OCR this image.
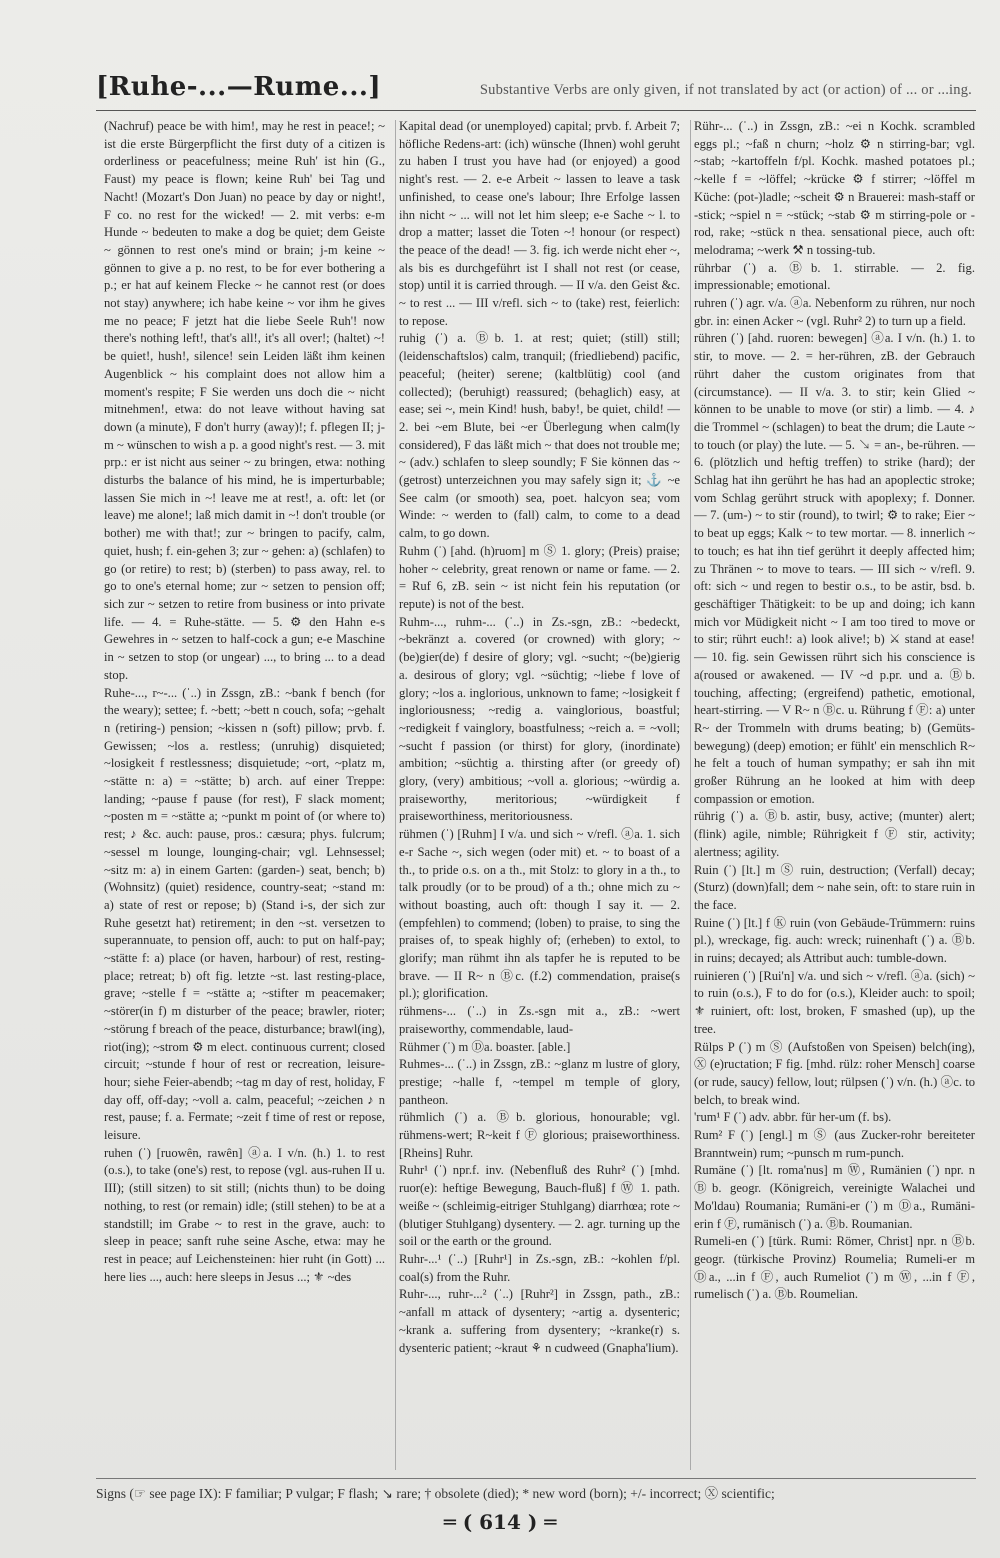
[Ruhe-...—Rume...]	Substantive Verbs are only given, if not translated by act (or action) of ... or ...ing.

(Nachruf) peace be with him!, may he rest in peace!; ~ ist die erste Bürgerpflicht the first duty of a citizen is orderliness or peacefulness; meine Ruh' ist hin (G., Faust) my peace is flown; keine Ruh' bei Tag und Nacht! (Mozart's Don Juan) no peace by day or night!, F co. no rest for the wicked! — 2. mit verbs: e-m Hunde ~ bedeuten to make a dog be quiet; dem Geiste ~ gönnen to rest one's mind or brain; j-m keine ~ gönnen to give a p. no rest, to be for ever bothering a p.; er hat auf keinem Flecke ~ he cannot rest (or does not stay) anywhere; ich habe keine ~ vor ihm he gives me no peace; F jetzt hat die liebe Seele Ruh'! now there's nothing left!, that's all!, it's all over!; (haltet) ~! be quiet!, hush!, silence! sein Leiden läßt ihm keinen Augenblick ~ his complaint does not allow him a moment's respite; F Sie werden uns doch die ~ nicht mitnehmen!, etwa: do not leave without having sat down (a minute), F don't hurry (away)!; f. pflegen II; j-m ~ wünschen to wish a p. a good night's rest. — 3. mit prp.: er ist nicht aus seiner ~ zu bringen, etwa: nothing disturbs the balance of his mind, he is imperturbable; lassen Sie mich in ~! leave me at rest!, a. oft: let (or leave) me alone!; laß mich damit in ~! don't trouble (or bother) me with that!; zur ~ bringen to pacify, calm, quiet, hush; f. ein-gehen 3; zur ~ gehen: a) (schlafen) to go (or retire) to rest; b) (sterben) to pass away, rel. to go to one's eternal home; zur ~ setzen to pension off; sich zur ~ setzen to retire from business or into private life. — 4. = Ruhe-stätte. — 5. ⚙ den Hahn e-s Gewehres in ~ setzen to half-cock a gun; e-e Maschine in ~ setzen to stop (or ungear) ..., to bring ... to a dead stop.

Ruhe-..., r~-... (ˈ..) in Zssgn, zB.: ~bank f bench (for the weary); settee; f. ~bett; ~bett n couch, sofa; ~gehalt n (retiring-) pension; ~kissen n (soft) pillow; prvb. f. Gewissen; ~los a. restless; (unruhig) disquieted; ~losigkeit f restlessness; disquietude; ~ort, ~platz m, ~stätte n: a) = ~stätte; b) arch. auf einer Treppe: landing; ~pause f pause (for rest), F slack moment; ~posten m = ~stätte a; ~punkt m point of (or where to) rest; ♪ &c. auch: pause, pros.: cæsura; phys. fulcrum; ~sessel m lounge, lounging-chair; vgl. Lehnsessel; ~sitz m: a) in einem Garten: (garden-) seat, bench; b) (Wohnsitz) (quiet) residence, country-seat; ~stand m: a) state of rest or repose; b) (Stand i-s, der sich zur Ruhe gesetzt hat) retirement; in den ~st. versetzen to superannuate, to pension off, auch: to put on half-pay; ~stätte f: a) place (or haven, harbour) of rest, resting-place; retreat; b) oft fig. letzte ~st. last resting-place, grave; ~stelle f = ~stätte a; ~stifter m peacemaker; ~störer(in f) m disturber of the peace; brawler, rioter; ~störung f breach of the peace, disturbance; brawl(ing), riot(ing); ~strom ⚙ m elect. continuous current; closed circuit; ~stunde f hour of rest or recreation, leisure-hour; siehe Feier-abendb; ~tag m day of rest, holiday, F day off, off-day; ~voll a. calm, peaceful; ~zeichen ♪ n rest, pause; f. a. Fermate; ~zeit f time of rest or repose, leisure.

ruhen (ˈ) [ruowên, rawên] ⓐa. I v/n. (h.) 1. to rest (o.s.), to take (one's) rest, to repose (vgl. aus-ruhen II u. III); (still sitzen) to sit still; (nichts thun) to be doing nothing, to rest (or remain) idle; (still stehen) to be at a standstill; im Grabe ~ to rest in the grave, auch: to sleep in peace; sanft ruhe seine Asche, etwa: may he rest in peace; auf Leichensteinen: hier ruht (in Gott) ... here lies ..., auch: here sleeps in Jesus ...; ⚜ ~des

Kapital dead (or unemployed) capital; prvb. f. Arbeit 7; höfliche Redens-art: (ich) wünsche (Ihnen) wohl geruht zu haben I trust you have had (or enjoyed) a good night's rest. — 2. e-e Arbeit ~ lassen to leave a task unfinished, to cease one's labour; Ihre Erfolge lassen ihn nicht ~ ... will not let him sleep; e-e Sache ~ l. to drop a matter; lasset die Toten ~! honour (or respect) the peace of the dead! — 3. fig. ich werde nicht eher ~, als bis es durchgeführt ist I shall not rest (or cease, stop) until it is carried through. — II v/a. den Geist &c. ~ to rest ... — III v/refl. sich ~ to (take) rest, feierlich: to repose.

ruhig (ˈ) a. Ⓑb. 1. at rest; quiet; (still) still; (leidenschaftslos) calm, tranquil; (friedliebend) pacific, peaceful; (heiter) serene; (kaltblütig) cool (and collected); (beruhigt) reassured; (behaglich) easy, at ease; sei ~, mein Kind! hush, baby!, be quiet, child! — 2. bei ~em Blute, bei ~er Überlegung when calm(ly considered), F das läßt mich ~ that does not trouble me; ~ (adv.) schlafen to sleep soundly; F Sie können das ~ (getrost) unterzeichnen you may safely sign it; ⚓ ~e See calm (or smooth) sea, poet. halcyon sea; vom Winde: ~ werden to (fall) calm, to come to a dead calm, to go down.

Ruhm (ˈ) [ahd. (h)ruom] m Ⓢ 1. glory; (Preis) praise; hoher ~ celebrity, great renown or name or fame. — 2. = Ruf 6, zB. sein ~ ist nicht fein his reputation (or repute) is not of the best.

Ruhm-..., ruhm-... (ˈ..) in Zs.-sgn, zB.: ~bedeckt, ~bekränzt a. covered (or crowned) with glory; ~(be)gier(de) f desire of glory; vgl. ~sucht; ~(be)gierig a. desirous of glory; vgl. ~süchtig; ~liebe f love of glory; ~los a. inglorious, unknown to fame; ~losigkeit f ingloriousness; ~redig a. vainglorious, boastful; ~redigkeit f vainglory, boastfulness; ~reich a. = ~voll; ~sucht f passion (or thirst) for glory, (inordinate) ambition; ~süchtig a. thirsting after (or greedy of) glory, (very) ambitious; ~voll a. glorious; ~würdig a. praiseworthy, meritorious; ~würdigkeit f praiseworthiness, meritoriousness.

rühmen (ˈ) [Ruhm] I v/a. und sich ~ v/refl. ⓐa. 1. sich e-r Sache ~, sich wegen (oder mit) et. ~ to boast of a th., to pride o.s. on a th., mit Stolz: to glory in a th., to talk proudly (or to be proud) of a th.; ohne mich zu ~ without boasting, auch oft: though I say it. — 2. (empfehlen) to commend; (loben) to praise, to sing the praises of, to speak highly of; (erheben) to extol, to glorify; man rühmt ihn als tapfer he is reputed to be brave. — II R~ n Ⓑc. (f.2) commendation, praise(s pl.); glorification.

rühmens-... (ˈ..) in Zs.-sgn mit a., zB.: ~wert praiseworthy, commendable, laud-

Rühmer (ˈ) m Ⓓa. boaster. [able.]

Ruhmes-... (ˈ..) in Zssgn, zB.: ~glanz m lustre of glory, prestige; ~halle f, ~tempel m temple of glory, pantheon.

rühmlich (ˈ) a. Ⓑb. glorious, honourable; vgl. rühmens-wert; R~keit f Ⓕ glorious; praiseworthiness. [Rheins] Ruhr.

Ruhr¹ (ˈ) npr.f. inv. (Nebenfluß des Ruhr² (ˈ) [mhd. ruor(e): heftige Bewegung, Bauch-fluß] f Ⓦ 1. path. weiße ~ (schleimig-eitriger Stuhlgang) diarrhœa; rote ~ (blutiger Stuhlgang) dysentery. — 2. agr. turning up the soil or the earth or the ground.

Ruhr-...¹ (ˈ..) [Ruhr¹] in Zs.-sgn, zB.: ~kohlen f/pl. coal(s) from the Ruhr.

Ruhr-..., ruhr-...² (ˈ..) [Ruhr²] in Zssgn, path., zB.: ~anfall m attack of dysentery; ~artig a. dysenteric; ~krank a. suffering from dysentery; ~kranke(r) s. dysenteric patient; ~kraut ⚘ n cudweed (Gnapha'lium).

Rühr-... (ˈ..) in Zssgn, zB.: ~ei n Kochk. scrambled eggs pl.; ~faß n churn; ~holz ⚙ n stirring-bar; vgl. ~stab; ~kartoffeln f/pl. Kochk. mashed potatoes pl.; ~kelle f = ~löffel; ~krücke ⚙ f stirrer; ~löffel m Küche: (pot-)ladle; ~scheit ⚙ n Brauerei: mash-staff or -stick; ~spiel n = ~stück; ~stab ⚙ m stirring-pole or -rod, rake; ~stück n thea. sensational piece, auch oft: melodrama; ~werk ⚒ n tossing-tub.

rührbar (ˈ) a. Ⓑb. 1. stirrable. — 2. fig. impressionable; emotional.

ruhren (ˈ) agr. v/a. ⓐa. Nebenform zu rühren, nur noch gbr. in: einen Acker ~ (vgl. Ruhr² 2) to turn up a field.

rühren (ˈ) [ahd. ruoren: bewegen] ⓐa. I v/n. (h.) 1. to stir, to move. — 2. = her-rühren, zB. der Gebrauch rührt daher the custom originates from that (circumstance). — II v/a. 3. to stir; kein Glied ~ können to be unable to move (or stir) a limb. — 4. ♪ die Trommel ~ (schlagen) to beat the drum; die Laute ~ to touch (or play) the lute. — 5. ↘ = an-, be-rühren. — 6. (plötzlich und heftig treffen) to strike (hard); der Schlag hat ihn gerührt he has had an apoplectic stroke; vom Schlag gerührt struck with apoplexy; f. Donner. — 7. (um-) ~ to stir (round), to twirl; ⚙ to rake; Eier ~ to beat up eggs; Kalk ~ to tew mortar. — 8. innerlich ~ to touch; es hat ihn tief gerührt it deeply affected him; zu Thränen ~ to move to tears. — III sich ~ v/refl. 9. oft: sich ~ und regen to bestir o.s., to be astir, bsd. b. geschäftiger Thätigkeit: to be up and doing; ich kann mich vor Müdigkeit nicht ~ I am too tired to move or to stir; rührt euch!: a) look alive!; b) ⚔ stand at ease! — 10. fig. sein Gewissen rührt sich his conscience is a(roused or awakened. — IV ~d p.pr. und a. Ⓑb. touching, affecting; (ergreifend) pathetic, emotional, heart-stirring. — V R~ n Ⓑc. u. Rührung f Ⓕ: a) unter R~ der Trommeln with drums beating; b) (Gemüts-bewegung) (deep) emotion; er fühlt' ein menschlich R~ he felt a touch of human sympathy; er sah ihn mit großer Rührung an he looked at him with deep compassion or emotion.

rührig (ˈ) a. Ⓑb. astir, busy, active; (munter) alert; (flink) agile, nimble; Rührigkeit f Ⓕ stir, activity; alertness; agility.

Ruin (ˈ) [lt.] m Ⓢ ruin, destruction; (Verfall) decay; (Sturz) (down)fall; dem ~ nahe sein, oft: to stare ruin in the face.

Ruine (ˈ) [lt.] f Ⓚ ruin (von Gebäude-Trümmern: ruins pl.), wreckage, fig. auch: wreck; ruinenhaft (ˈ) a. Ⓑb. in ruins; decayed; als Attribut auch: tumble-down.

ruinieren (ˈ) [Rui'n] v/a. und sich ~ v/refl. ⓐa. (sich) ~ to ruin (o.s.), F to do for (o.s.), Kleider auch: to spoil; ⚜ ruiniert, oft: lost, broken, F smashed (up), up the tree.

Rülps P (ˈ) m Ⓢ (Aufstoßen von Speisen) belch(ing), Ⓧ (e)ructation; F fig. [mhd. rülz: roher Mensch] coarse (or rude, saucy) fellow, lout; rülpsen (ˈ) v/n. (h.) ⓐc. to belch, to break wind.

'rum¹ F (ˈ) adv. abbr. für her-um (f. bs).

Rum² F (ˈ) [engl.] m Ⓢ (aus Zucker-rohr bereiteter Branntwein) rum; ~punsch m rum-punch.

Rumäne (ˈ) [lt. roma'nus] m Ⓦ, Rumänien (ˈ) npr. n Ⓑb. geogr. (Königreich, vereinigte Walachei und Mo'ldau) Roumania; Rumäni-er (ˈ) m Ⓓa., Rumäni-erin f Ⓕ, rumänisch (ˈ) a. Ⓑb. Roumanian.

Rumeli-en (ˈ) [türk. Rumi: Römer, Christ] npr. n Ⓑb. geogr. (türkische Provinz) Roumelia; Rumeli-er m Ⓓa., ...in f Ⓕ, auch Rumeliot (ˈ) m Ⓦ, ...in f Ⓕ, rumelisch (ˈ) a. Ⓑb. Roumelian.

Signs (☞ see page IX): F familiar; P vulgar; F flash; ↘ rare; † obsolete (died); * new word (born); +/- incorrect; Ⓧ scientific;
═ ( 614 ) ═
